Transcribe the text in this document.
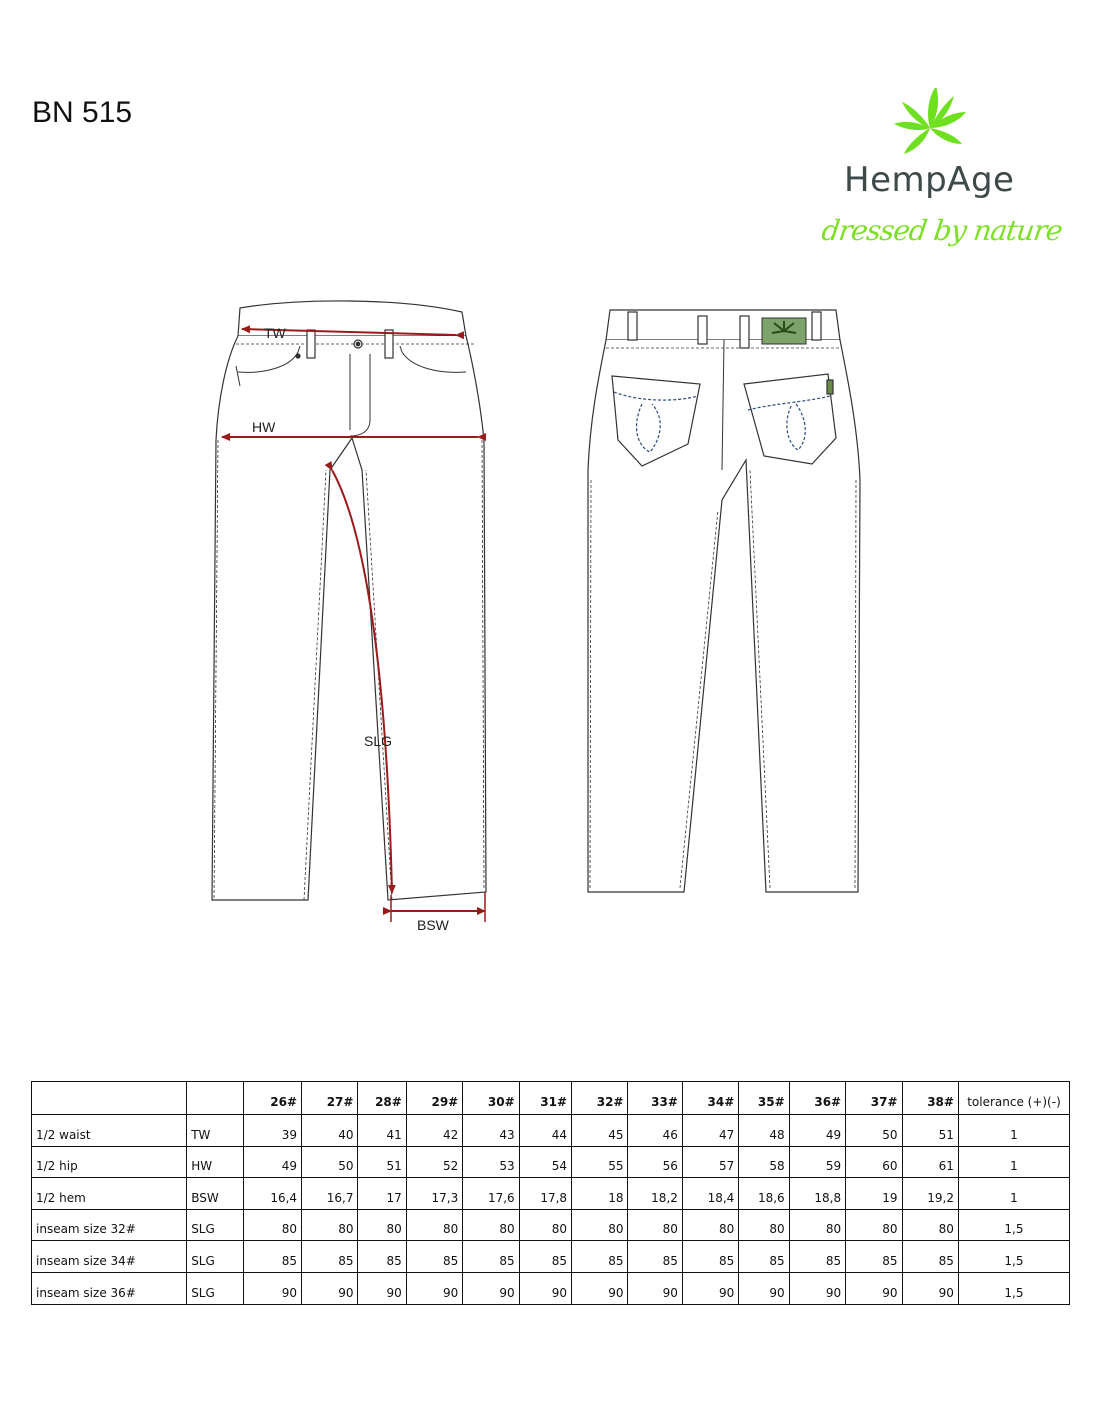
BN 515
HempAge
dressed by nature
TW
HW
SLG
BSW
		26#	27#	28#	29#	30#	31#	32#	33#	34#	35#	36#	37#	38#	tolerance (+)(-)
1/2 waist	TW	39	40	41	42	43	44	45	46	47	48	49	50	51	1
1/2 hip	HW	49	50	51	52	53	54	55	56	57	58	59	60	61	1
1/2 hem	BSW	16,4	16,7	17	17,3	17,6	17,8	18	18,2	18,4	18,6	18,8	19	19,2	1
inseam size 32#	SLG	80	80	80	80	80	80	80	80	80	80	80	80	80	1,5
inseam size 34#	SLG	85	85	85	85	85	85	85	85	85	85	85	85	85	1,5
inseam size 36#	SLG	90	90	90	90	90	90	90	90	90	90	90	90	90	1,5
